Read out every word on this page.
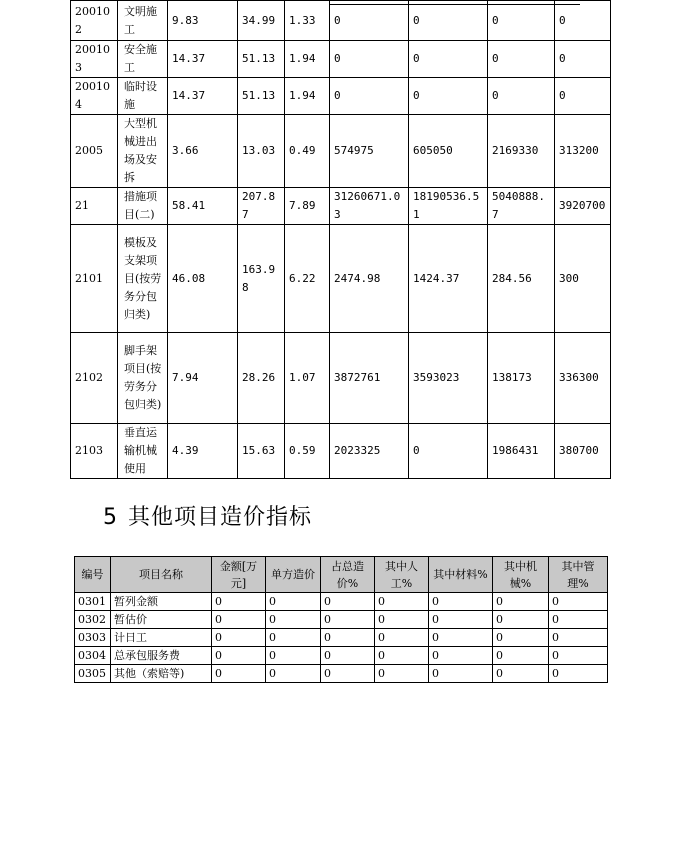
200102	文明施工	9.83	34.99	1.33	0	0	0	0
200103	安全施工	14.37	51.13	1.94	0	0	0	0
200104	临时设施	14.37	51.13	1.94	0	0	0	0
2005	大型机械进出场及安拆	3.66	13.03	0.49	574975	605050	2169330	313200
21	措施项目(二)	58.41	207.87	7.89	31260671.03	18190536.51	5040888.7	3920700
2101	模板及支架项目(按劳务分包归类)	46.08	163.98	6.22	2474.98	1424.37	284.56	300
2102	脚手架项目(按劳务分包归类)	7.94	28.26	1.07	3872761	3593023	138173	336300
2103	垂直运输机械使用	4.39	15.63	0.59	2023325	0	1986431	380700
5 其他项目造价指标
编号	项目名称	金额[万元]	单方造价	占总造价%	其中人工%	其中材料%	其中机械%	其中管理%
0301	暂列金额	0	0	0	0	0	0	0
0302	暂估价	0	0	0	0	0	0	0
0303	计日工	0	0	0	0	0	0	0
0304	总承包服务费	0	0	0	0	0	0	0
0305	其他（索赔等)	0	0	0	0	0	0	0
